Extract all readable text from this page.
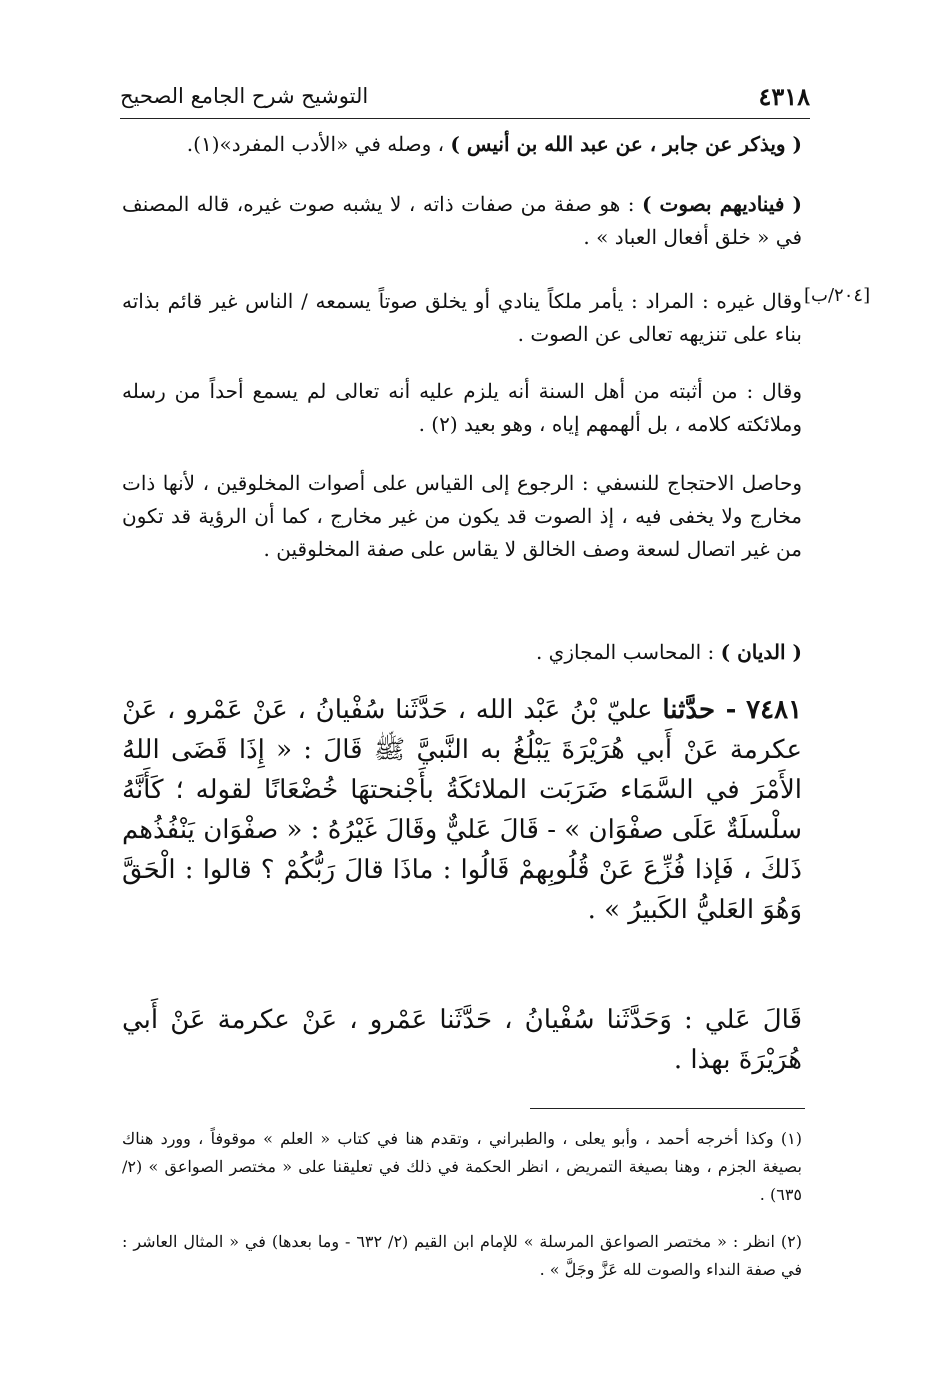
٤٣١٨
التوشيح شرح الجامع الصحيح
( ويذكر عن جابر ، عن عبد الله بن أنيس ) ، وصله في «الأدب المفرد»(١).
( فيناديهم بصوت ) : هو صفة من صفات ذاته ، لا يشبه صوت غيره، قاله المصنف في « خلق أفعال العباد » .
[٢٠٤/ب]
وقال غيره : المراد : يأمر ملكاً ينادي أو يخلق صوتاً يسمعه / الناس غير قائم بذاته بناء على تنزيهه تعالى عن الصوت .
وقال : من أثبته من أهل السنة أنه يلزم عليه أنه تعالى لم يسمع أحداً من رسله وملائكته كلامه ، بل ألهمهم إياه ، وهو بعيد (٢) .
وحاصل الاحتجاج للنسفي : الرجوع إلى القياس على أصوات المخلوقين ، لأنها ذات مخارج ولا يخفى فيه ، إذ الصوت قد يكون من غير مخارج ، كما أن الرؤية قد تكون من غير اتصال لسعة وصف الخالق لا يقاس على صفة المخلوقين .
( الديان ) : المحاسب المجازي .
٧٤٨١ - حدَّثنا عليّ بْنُ عَبْد الله ، حَدَّثَنا سُفْيانُ ، عَنْ عَمْرو ، عَنْ عكرمة عَنْ أَبي هُرَيْرَةَ يَبْلُغُ به النَّبيَّ ﷺ قَالَ : « إِذَا قَضَى اللهُ الأَمْرَ في السَّمَاء ضَرَبَت الملائكَةُ بأَجْنحتهَا خُضْعَانًا لقوله ؛ كَأَنَّهُ سلْسلَةٌ عَلَى صفْوَان » - قَالَ عَليٌّ وقَالَ غَيْرُهُ : « صفْوَان يَنْفُذُهم ذَلكَ ، فَإذا فُزِّعَ عَنْ قُلُوبِهمْ قَالُوا : ماذَا قالَ رَبُّكُمْ ؟ قالوا : الْحَقَّ وَهُوَ العَليُّ الكَبيرُ » .
قَالَ عَلي : وَحَدَّثَنا سُفْيانُ ، حَدَّثَنا عَمْرو ، عَنْ عكرمة عَنْ أَبي هُرَيْرَةَ بهذا .
(١) وكذا أخرجه أحمد ، وأبو يعلى ، والطبراني ، وتقدم هنا في كتاب « العلم » موقوفاً ، وورد هناك بصيغة الجزم ، وهنا بصيغة التمريض ، انظر الحكمة في ذلك في تعليقنا على « مختصر الصواعق » (٢/ ٦٣٥) .
(٢) انظر : « مختصر الصواعق المرسلة » للإمام ابن القيم (٢/ ٦٣٢ - وما بعدها) في « المثال العاشر : في صفة النداء والصوت لله عَزَّ وجَلَّ » .
